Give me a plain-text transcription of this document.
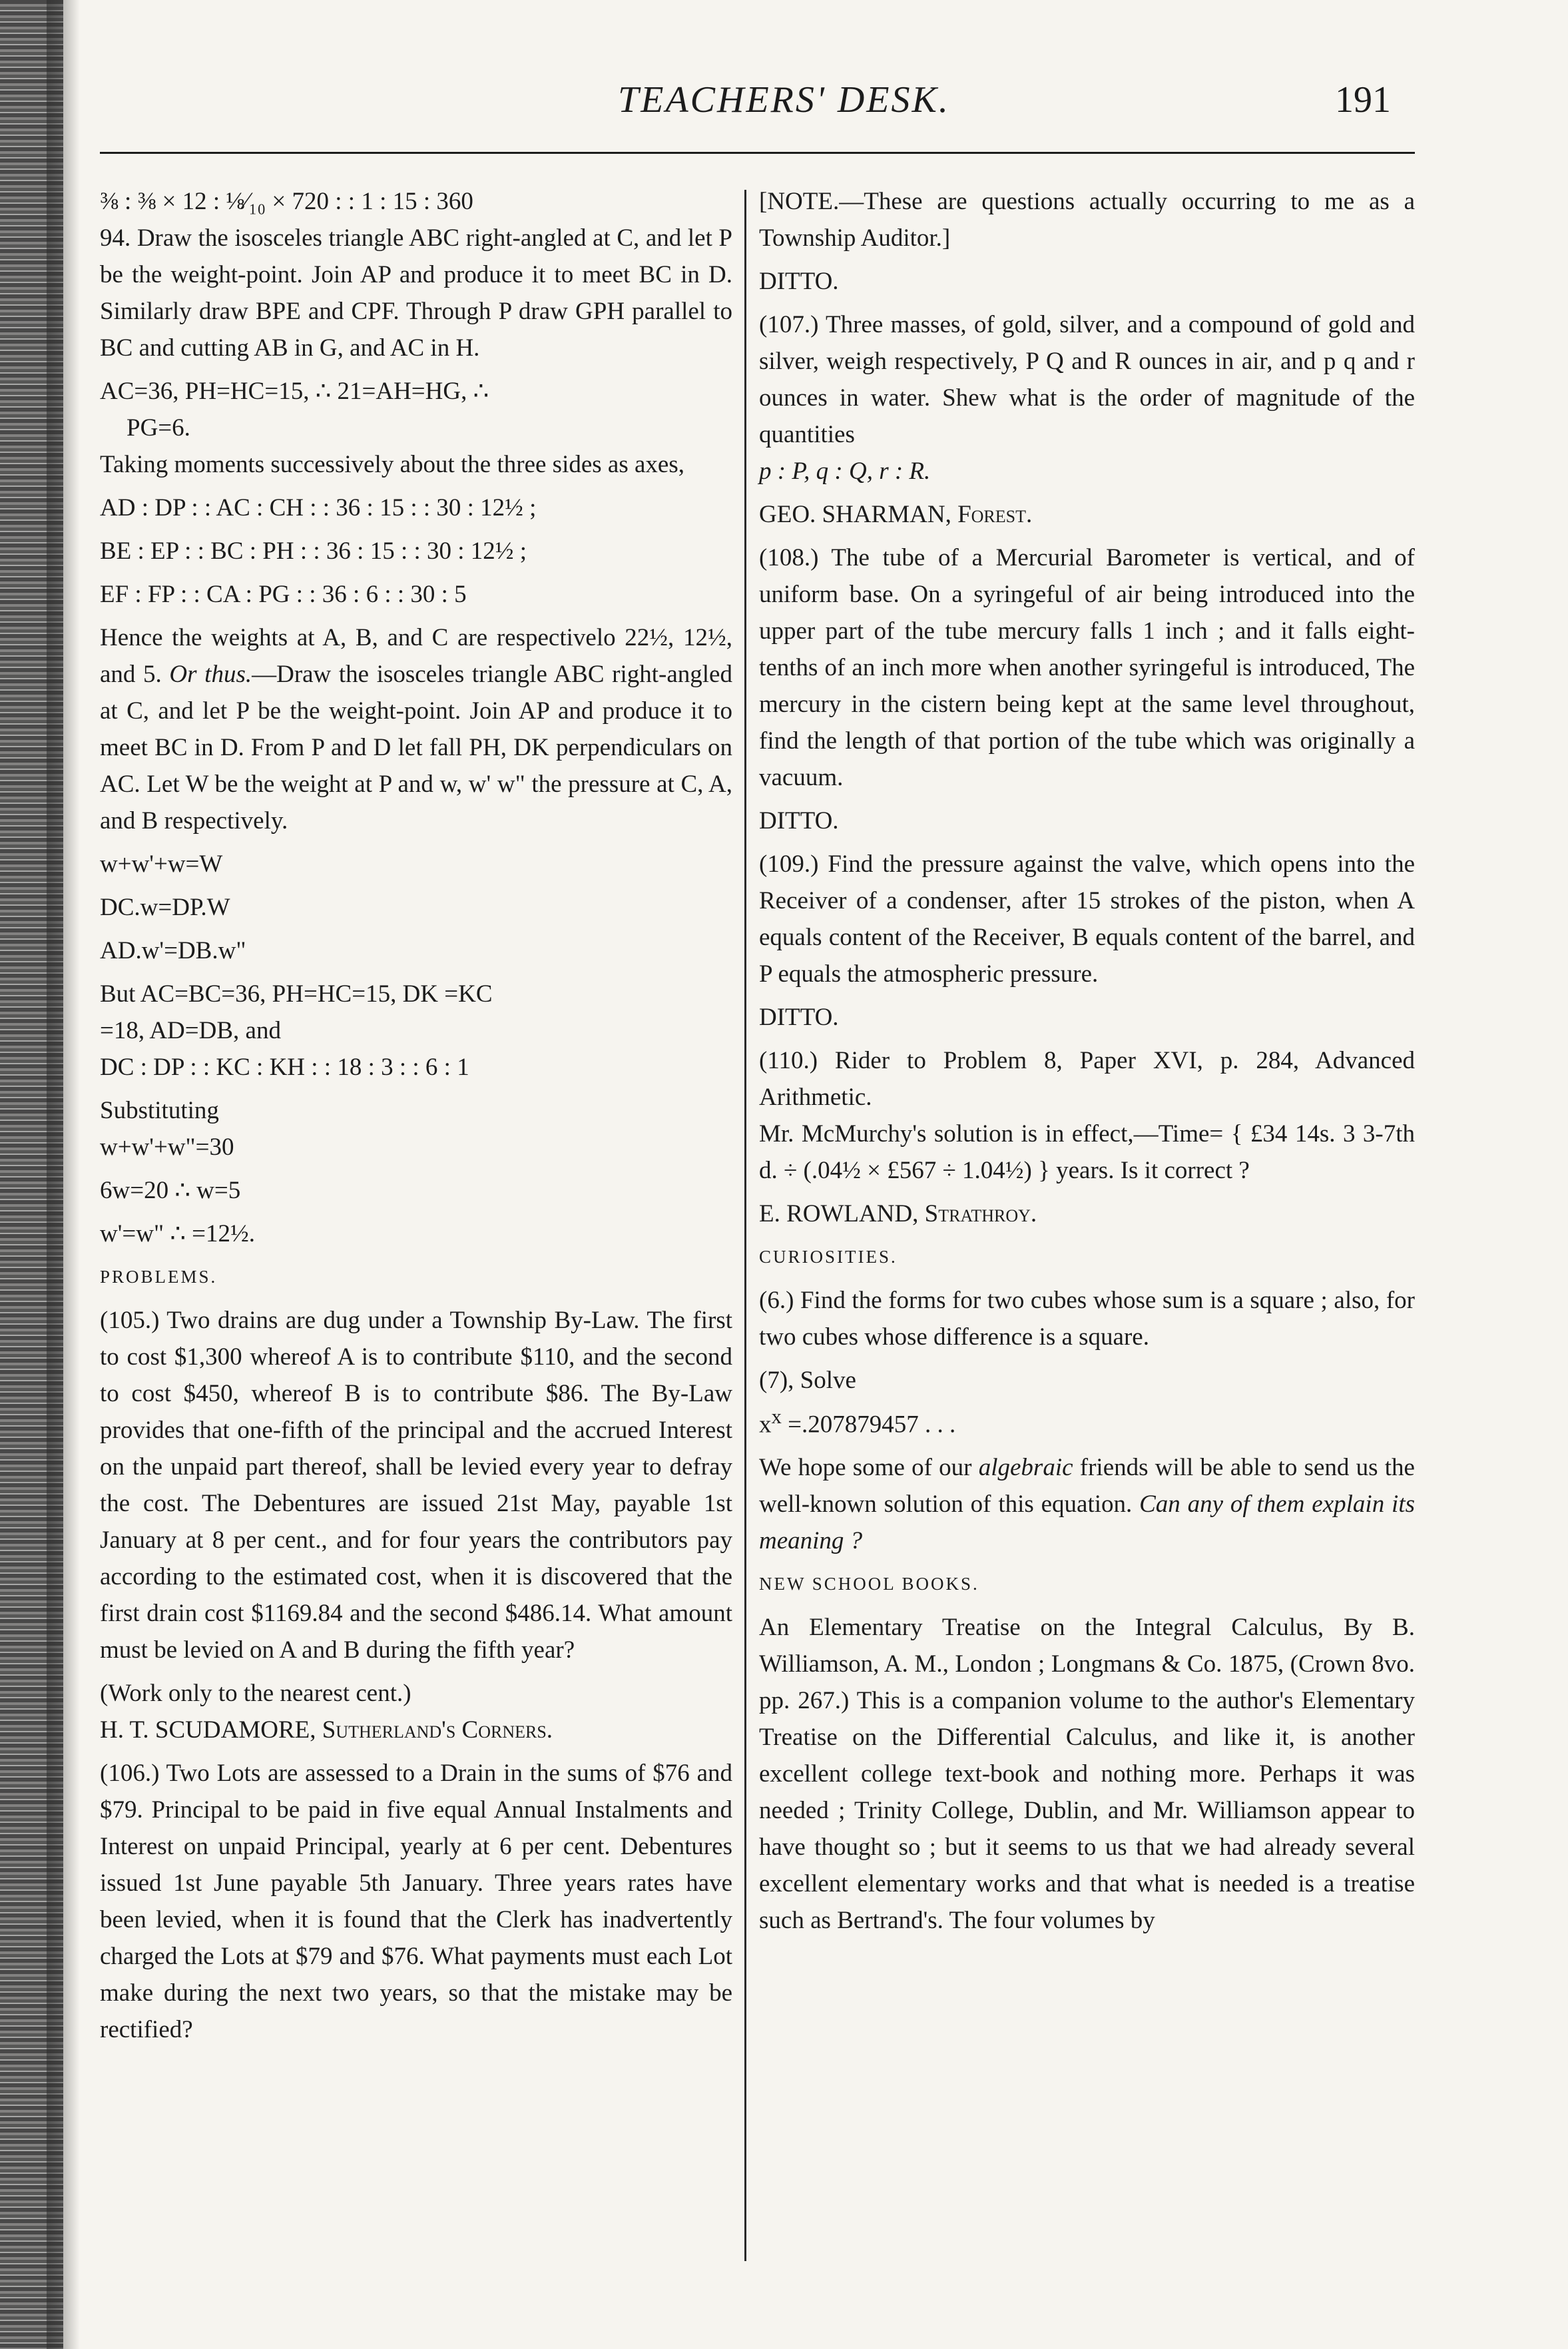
TEACHERS' DESK.	191

⅜ : ⅜ × 12 : ⅛⁄₁₀ × 720 : : 1 : 15 : 360

94. Draw the isosceles triangle ABC right-angled at C, and let P be the weight-point. Join AP and produce it to meet BC in D. Similarly draw BPE and CPF. Through P draw GPH parallel to BC and cutting AB in G, and AC in H.

AC=36, PH=HC=15, ∴ 21=AH=HG, ∴

PG=6.

Taking moments successively about the three sides as axes,

AD : DP : : AC : CH : : 36 : 15 : : 30 : 12½ ;

BE : EP : : BC : PH : : 36 : 15 : : 30 : 12½ ;

EF : FP : : CA : PG : : 36 : 6 : : 30 : 5

Hence the weights at A, B, and C are respectivelo 22½, 12½, and 5. Or thus.—Draw the isosceles triangle ABC right-angled at C, and let P be the weight-point. Join AP and produce it to meet BC in D. From P and D let fall PH, DK perpendiculars on AC. Let W be the weight at P and w, w' w" the pressure at C, A, and B respectively.

w+w'+w=W

DC.w=DP.W

AD.w'=DB.w"

But AC=BC=36, PH=HC=15, DK =KC

=18, AD=DB, and

DC : DP : : KC : KH : : 18 : 3 : : 6 : 1

Substituting

w+w'+w"=30

6w=20 ∴ w=5

w'=w" ∴ =12½.

PROBLEMS.

(105.) Two drains are dug under a Township By-Law. The first to cost $1,300 whereof A is to contribute $110, and the second to cost $450, whereof B is to contribute $86. The By-Law provides that one-fifth of the principal and the accrued Interest on the unpaid part thereof, shall be levied every year to defray the cost. The Debentures are issued 21st May, payable 1st January at 8 per cent., and for four years the contributors pay according to the estimated cost, when it is discovered that the first drain cost $1169.84 and the second $486.14. What amount must be levied on A and B during the fifth year?

(Work only to the nearest cent.)

H. T. SCUDAMORE, Sutherland's Corners.

(106.) Two Lots are assessed to a Drain in the sums of $76 and $79. Principal to be paid in five equal Annual Instalments and Interest on unpaid Principal, yearly at 6 per cent. Debentures issued 1st June payable 5th January. Three years rates have been levied, when it is found that the Clerk has inadvertently charged the Lots at $79 and $76. What payments must each Lot make during the next two years, so that the mistake may be rectified?

[NOTE.—These are questions actually occurring to me as a Township Auditor.]

DITTO.

(107.) Three masses, of gold, silver, and a compound of gold and silver, weigh respectively, P Q and R ounces in air, and p q and r ounces in water. Shew what is the order of magnitude of the quantities

p : P, q : Q, r : R.

GEO. SHARMAN, Forest.

(108.) The tube of a Mercurial Barometer is vertical, and of uniform base. On a syringeful of air being introduced into the upper part of the tube mercury falls 1 inch ; and it falls eight-tenths of an inch more when another syringeful is introduced, The mercury in the cistern being kept at the same level throughout, find the length of that portion of the tube which was originally a vacuum.

DITTO.

(109.) Find the pressure against the valve, which opens into the Receiver of a condenser, after 15 strokes of the piston, when A equals content of the Receiver, B equals content of the barrel, and P equals the atmospheric pressure.

DITTO.

(110.) Rider to Problem 8, Paper XVI, p. 284, Advanced Arithmetic.

Mr. McMurchy's solution is in effect,—Time= { £34 14s. 3 3-7th d. ÷ (.04½ × £567 ÷ 1.04½) } years. Is it correct ?

E. ROWLAND, Strathroy.

CURIOSITIES.

(6.) Find the forms for two cubes whose sum is a square ; also, for two cubes whose difference is a square.

(7), Solve

$x^x =.207879457$ . . .

We hope some of our algebraic friends will be able to send us the well-known solution of this equation. Can any of them explain its meaning ?

NEW SCHOOL BOOKS.

An Elementary Treatise on the Integral Calculus, By B. Williamson, A. M., London ; Longmans & Co. 1875, (Crown 8vo. pp. 267.) This is a companion volume to the author's Elementary Treatise on the Differential Calculus, and like it, is another excellent college text-book and nothing more. Perhaps it was needed ; Trinity College, Dublin, and Mr. Williamson appear to have thought so ; but it seems to us that we had already several excellent elementary works and that what is needed is a treatise such as Bertrand's. The four volumes by
